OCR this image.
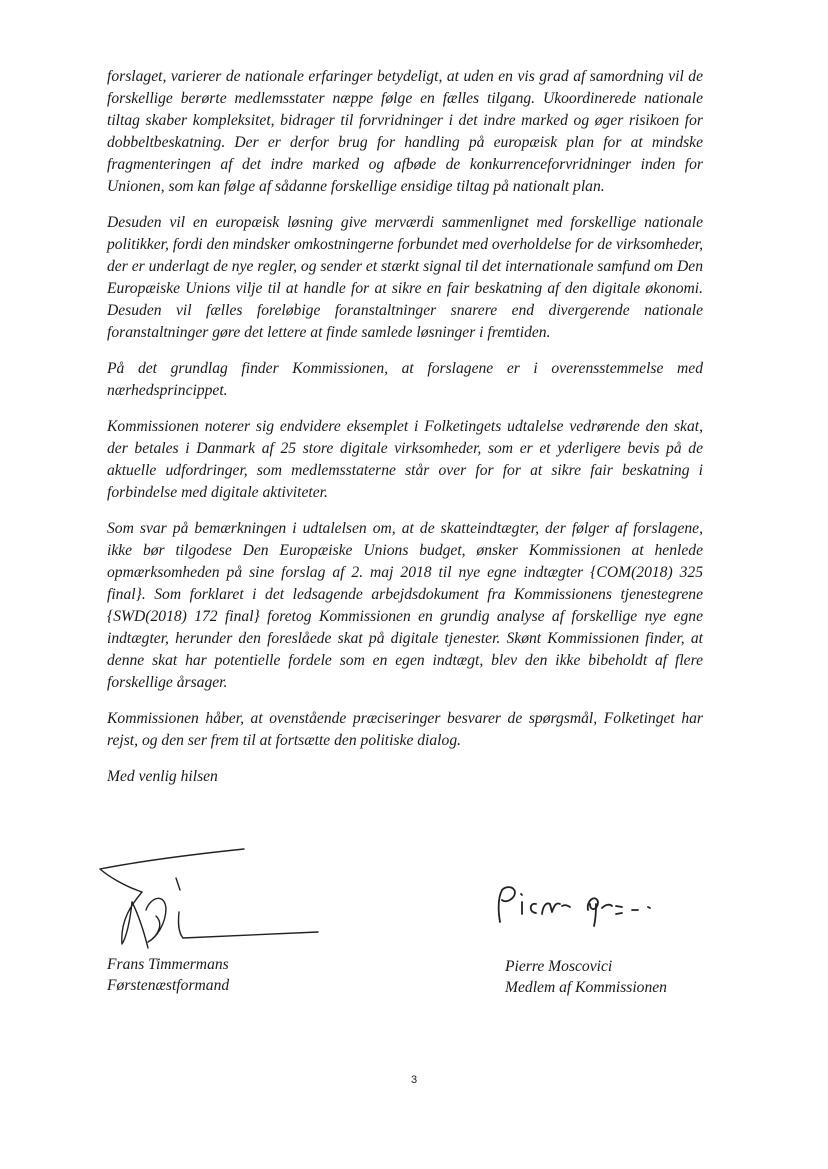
forslaget, varierer de nationale erfaringer betydeligt, at uden en vis grad af samordning vil de forskellige berørte medlemsstater næppe følge en fælles tilgang. Ukoordinerede nationale tiltag skaber kompleksitet, bidrager til forvridninger i det indre marked og øger risikoen for dobbeltbeskatning. Der er derfor brug for handling på europæisk plan for at mindske fragmenteringen af det indre marked og afbøde de konkurrenceforvridninger inden for Unionen, som kan følge af sådanne forskellige ensidige tiltag på nationalt plan.

Desuden vil en europæisk løsning give merværdi sammenlignet med forskellige nationale politikker, fordi den mindsker omkostningerne forbundet med overholdelse for de virksomheder, der er underlagt de nye regler, og sender et stærkt signal til det internationale samfund om Den Europæiske Unions vilje til at handle for at sikre en fair beskatning af den digitale økonomi. Desuden vil fælles foreløbige foranstaltninger snarere end divergerende nationale foranstaltninger gøre det lettere at finde samlede løsninger i fremtiden.

På det grundlag finder Kommissionen, at forslagene er i overensstemmelse med nærhedsprincippet.

Kommissionen noterer sig endvidere eksemplet i Folketingets udtalelse vedrørende den skat, der betales i Danmark af 25 store digitale virksomheder, som er et yderligere bevis på de aktuelle udfordringer, som medlemsstaterne står over for for at sikre fair beskatning i forbindelse med digitale aktiviteter.

Som svar på bemærkningen i udtalelsen om, at de skatteindtægter, der følger af forslagene, ikke bør tilgodese Den Europæiske Unions budget, ønsker Kommissionen at henlede opmærksomheden på sine forslag af 2. maj 2018 til nye egne indtægter {COM(2018) 325 final}. Som forklaret i det ledsagende arbejdsdokument fra Kommissionens tjenestegrene {SWD(2018) 172 final} foretog Kommissionen en grundig analyse af forskellige nye egne indtægter, herunder den foreslåede skat på digitale tjenester. Skønt Kommissionen finder, at denne skat har potentielle fordele som en egen indtægt, blev den ikke bibeholdt af flere forskellige årsager.

Kommissionen håber, at ovenstående præciseringer besvarer de spørgsmål, Folketinget har rejst, og den ser frem til at fortsætte den politiske dialog.

Med venlig hilsen

Frans Timmermans
Førstenæstformand
Pierre Moscovici
Medlem af Kommissionen
3
